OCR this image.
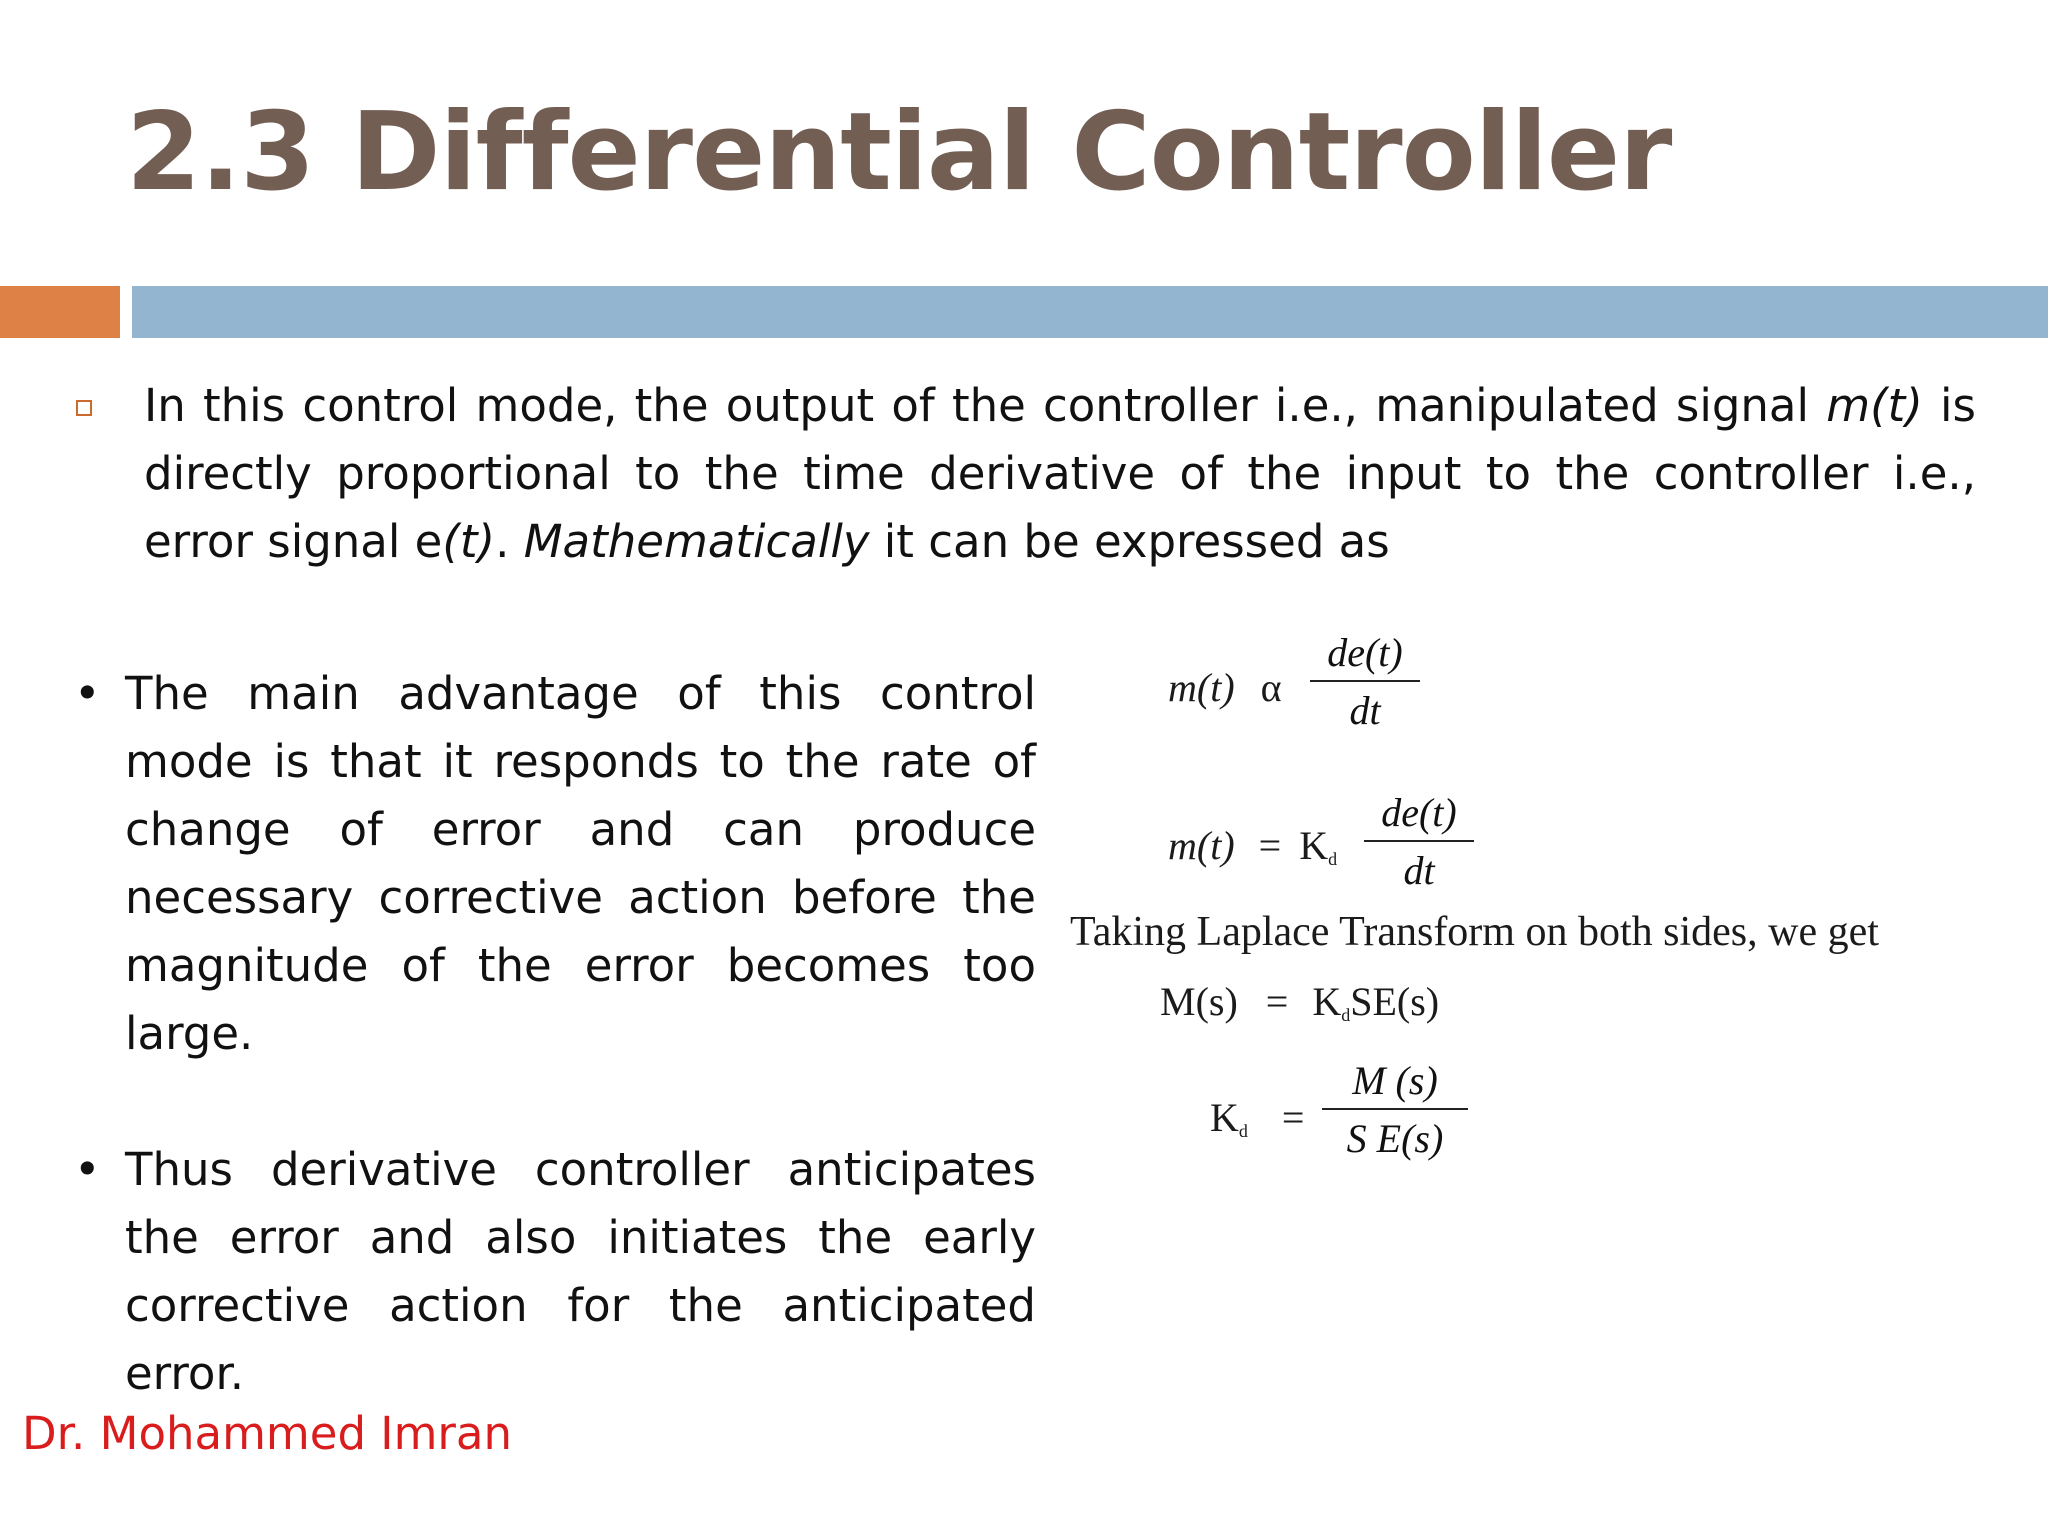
2.3 Differential Controller

In this control mode, the output of the controller i.e., manipulated signal m(t) is directly proportional to the time derivative of the input to the controller i.e., error signal e(t). Mathematically it can be expressed as

• The main advantage of this control mode is that it responds to the rate of change of error and can produce necessary corrective action before the magnitude of the error becomes too large.
• Thus derivative controller anticipates the error and also initiates the early corrective action for the anticipated error.
m(t) α
de(t)
dt
$m(t) = K_d$
de(t)
dt
Taking Laplace Transform on both sides, we get
$M(s) = K_dSE(s)$
$K_d$ =
M (s)
S E(s)
Dr. Mohammed Imran
